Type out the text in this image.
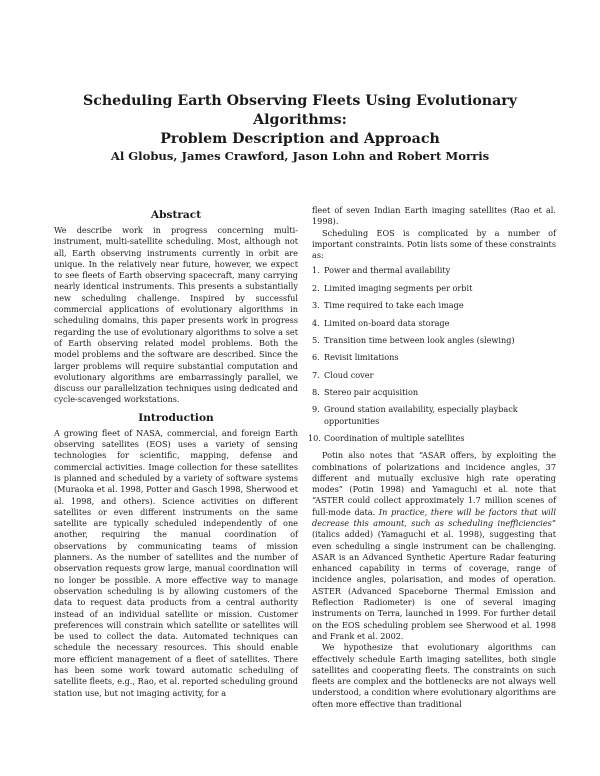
Scheduling Earth Observing Fleets Using Evolutionary Algorithms:
Problem Description and Approach

Al Globus, James Crawford, Jason Lohn and Robert Morris

Abstract

We describe work in progress concerning multi-instrument, multi-satellite scheduling. Most, although not all, Earth observing instruments currently in orbit are unique. In the relatively near future, however, we expect to see fleets of Earth observing spacecraft, many carrying nearly identical instruments. This presents a substantially new scheduling challenge. Inspired by successful commercial applications of evolutionary algorithms in scheduling domains, this paper presents work in progress regarding the use of evolutionary algorithms to solve a set of Earth observing related model problems. Both the model problems and the software are described. Since the larger problems will require substantial computation and evolutionary algorithms are embarrassingly parallel, we discuss our parallelization techniques using dedicated and cycle-scavenged workstations.

Introduction

A growing fleet of NASA, commercial, and foreign Earth observing satellites (EOS) uses a variety of sensing technologies for scientific, mapping, defense and commercial activities. Image collection for these satellites is planned and scheduled by a variety of software systems (Muraoka et al. 1998, Potter and Gasch 1998, Sherwood et al. 1998, and others). Science activities on different satellites or even different instruments on the same satellite are typically scheduled independently of one another, requiring the manual coordination of observations by communicating teams of mission planners. As the number of satellites and the number of observation requests grow large, manual coordination will no longer be possible. A more effective way to manage observation scheduling is by allowing customers of the data to request data products from a central authority instead of an individual satellite or mission. Customer preferences will constrain which satellite or satellites will be used to collect the data. Automated techniques can schedule the necessary resources. This should enable more efficient management of a fleet of satellites. There has been some work toward automatic scheduling of satellite fleets, e.g., Rao, et al. reported scheduling ground station use, but not imaging activity, for a

fleet of seven Indian Earth imaging satellites (Rao et al. 1998).

Scheduling EOS is complicated by a number of important constraints. Potin lists some of these constraints as:

1. Power and thermal availability
2. Limited imaging segments per orbit
3. Time required to take each image
4. Limited on-board data storage
5. Transition time between look angles (slewing)
6. Revisit limitations
7. Cloud cover
8. Stereo pair acquisition
9. Ground station availability, especially playback opportunities
10. Coordination of multiple satellites

Potin also notes that “ASAR offers, by exploiting the combinations of polarizations and incidence angles, 37 different and mutually exclusive high rate operating modes” (Potin 1998) and Yamaguchi et al. note that “ASTER could collect approximately 1.7 million scenes of full-mode data. In practice, there will be factors that will decrease this amount, such as scheduling inefficiencies” (italics added) (Yamaguchi et al. 1998), suggesting that even scheduling a single instrument can be challenging. ASAR is an Advanced Synthetic Aperture Radar featuring enhanced capability in terms of coverage, range of incidence angles, polarisation, and modes of operation. ASTER (Advanced Spaceborne Thermal Emission and Reflection Radiometer) is one of several imaging instruments on Terra, launched in 1999. For further detail on the EOS scheduling problem see Sherwood et al. 1998 and Frank et al. 2002.

We hypothesize that evolutionary algorithms can effectively schedule Earth imaging satellites, both single satellites and cooperating fleets. The constraints on such fleets are complex and the bottlenecks are not always well understood, a condition where evolutionary algorithms are often more effective than traditional
